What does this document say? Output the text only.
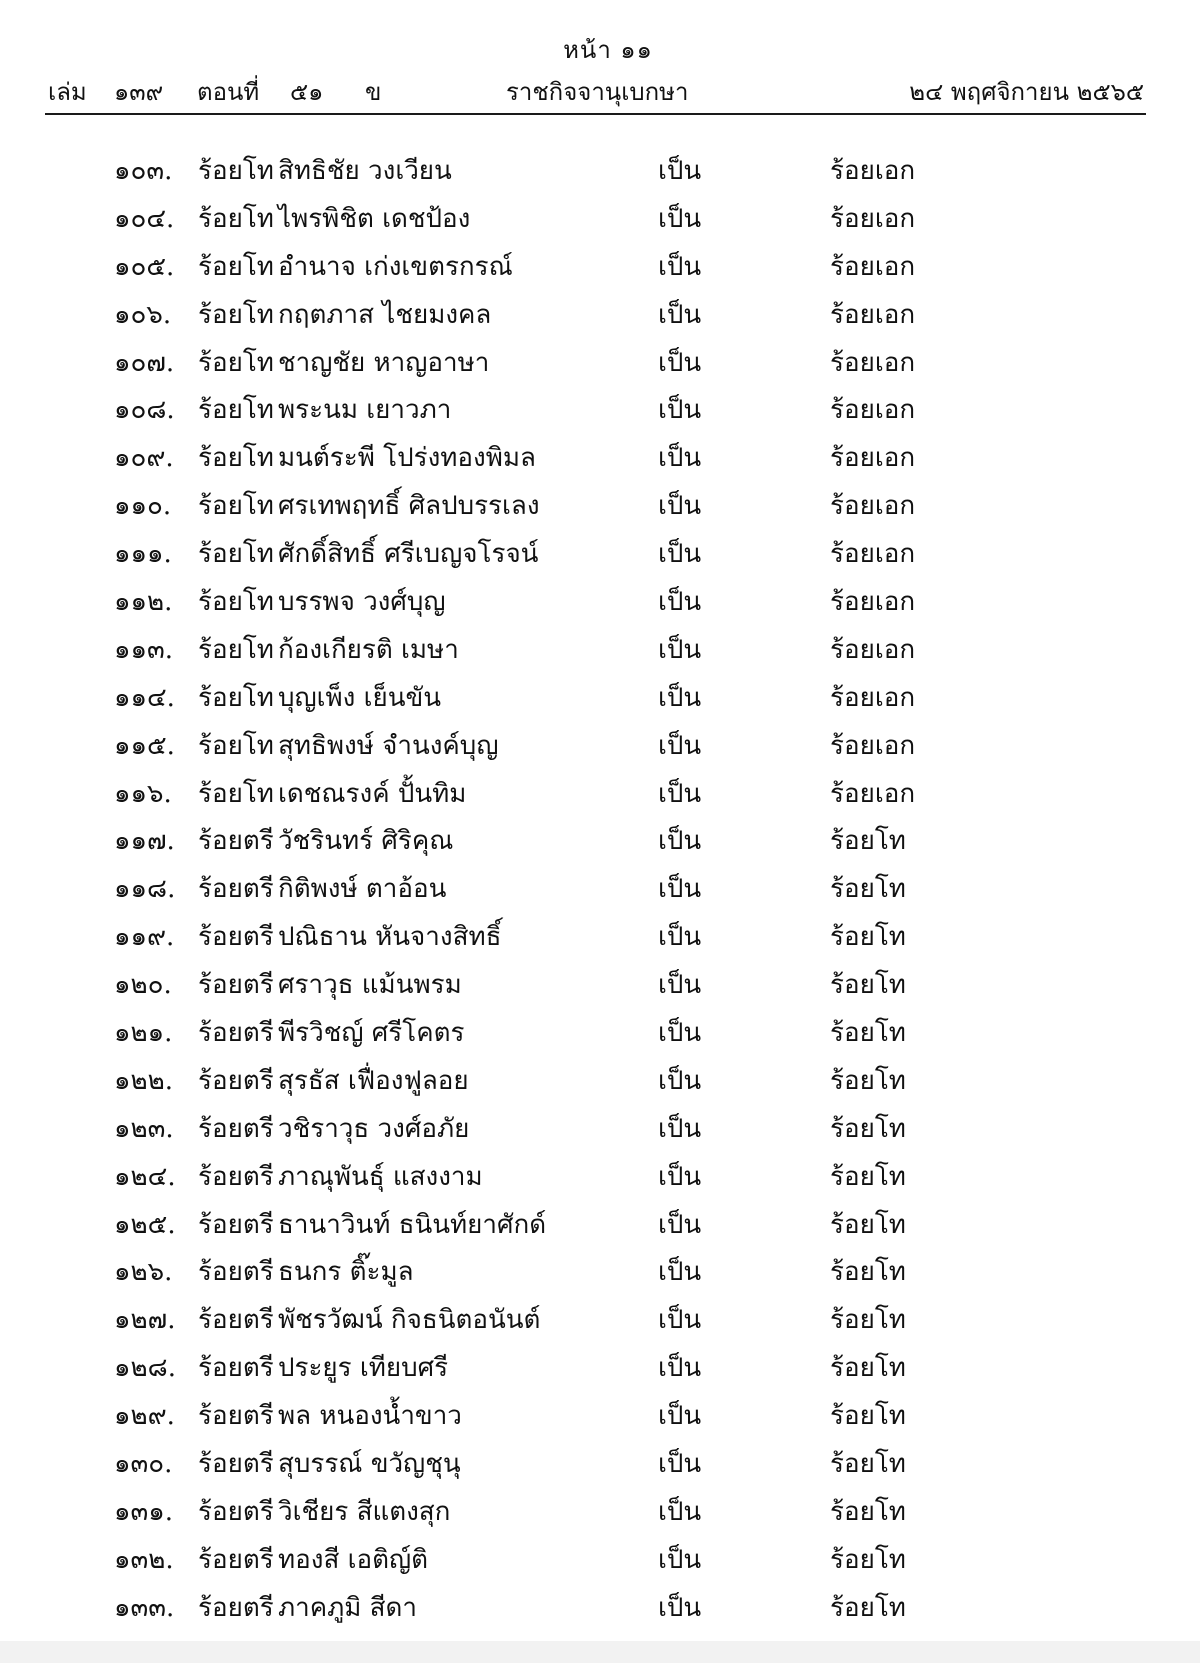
หน้า ๑๑
เล่ม ๑๓๙ ตอนที่ ๕๑ ข	ราชกิจจานุเบกษา	๒๔ พฤศจิกายน ๒๕๖๕
๑๐๓. ร้อยโท สิทธิชัย วงเวียน	เป็น	ร้อยเอก
๑๐๔. ร้อยโท ไพรพิชิต เดชป้อง	เป็น	ร้อยเอก
๑๐๕. ร้อยโท อำนาจ เก่งเขตรกรณ์	เป็น	ร้อยเอก
๑๐๖.	ร้อยโท กฤตภาส ไชยมงคล	เป็น	ร้อยเอก
๑๐๗. ร้อยโท ชาญชัย หาญอาษา	เป็น	ร้อยเอก
๑๐๘. ร้อยโท พระนม เยาวภา	เป็น	ร้อยเอก
๑๐๙. ร้อยโท มนต์ระพี โปร่งทองพิมล	เป็น	ร้อยเอก
๑๑๐.	ร้อยโท ศรเทพฤทธิ์ ศิลปบรรเลง	เป็น	ร้อยเอก
๑๑๑.	ร้อยโท ศักดิ์สิทธิ์ ศรีเบญจโรจน์	เป็น	ร้อยเอก
๑๑๒. ร้อยโท บรรพจ วงศ์บุญ	เป็น	ร้อยเอก
๑๑๓. ร้อยโท ก้องเกียรติ เมษา	เป็น	ร้อยเอก
๑๑๔. ร้อยโท บุญเพ็ง เย็นขัน	เป็น	ร้อยเอก
๑๑๕. ร้อยโท สุทธิพงษ์ จำนงค์บุญ	เป็น	ร้อยเอก
๑๑๖.	ร้อยโท เดชณรงค์ ปั้นทิม	เป็น	ร้อยเอก
๑๑๗. ร้อยตรี วัชรินทร์ ศิริคุณ	เป็น	ร้อยโท
๑๑๘. ร้อยตรี กิติพงษ์ ตาอ้อน	เป็น	ร้อยโท
๑๑๙. ร้อยตรี ปณิธาน หันจางสิทธิ์	เป็น	ร้อยโท
๑๒๐.	ร้อยตรี ศราวุธ แม้นพรม	เป็น	ร้อยโท
๑๒๑. ร้อยตรี พีรวิชญ์ ศรีโคตร	เป็น	ร้อยโท
๑๒๒. ร้อยตรี สุรธัส เฟื่องฟูลอย	เป็น	ร้อยโท
๑๒๓. ร้อยตรี วชิราวุธ วงศ์อภัย	เป็น	ร้อยโท
๑๒๔. ร้อยตรี ภาณุพันธุ์ แสงงาม	เป็น	ร้อยโท
๑๒๕. ร้อยตรี ธานาวินท์ ธนินท์ยาศักด์	เป็น	ร้อยโท
๑๒๖. ร้อยตรี ธนกร ติ๊ะมูล	เป็น	ร้อยโท
๑๒๗. ร้อยตรี พัชรวัฒน์ กิจธนิตอนันต์	เป็น	ร้อยโท
๑๒๘. ร้อยตรี ประยูร เทียบศรี	เป็น	ร้อยโท
๑๒๙. ร้อยตรี พล หนองน้ำขาว	เป็น	ร้อยโท
๑๓๐. ร้อยตรี สุบรรณ์ ขวัญชุนุ	เป็น	ร้อยโท
๑๓๑. ร้อยตรี วิเชียร สีแตงสุก	เป็น	ร้อยโท
๑๓๒. ร้อยตรี ทองสี เอติญ์ติ	เป็น	ร้อยโท
๑๓๓. ร้อยตรี ภาคภูมิ สีดา	เป็น	ร้อยโท
